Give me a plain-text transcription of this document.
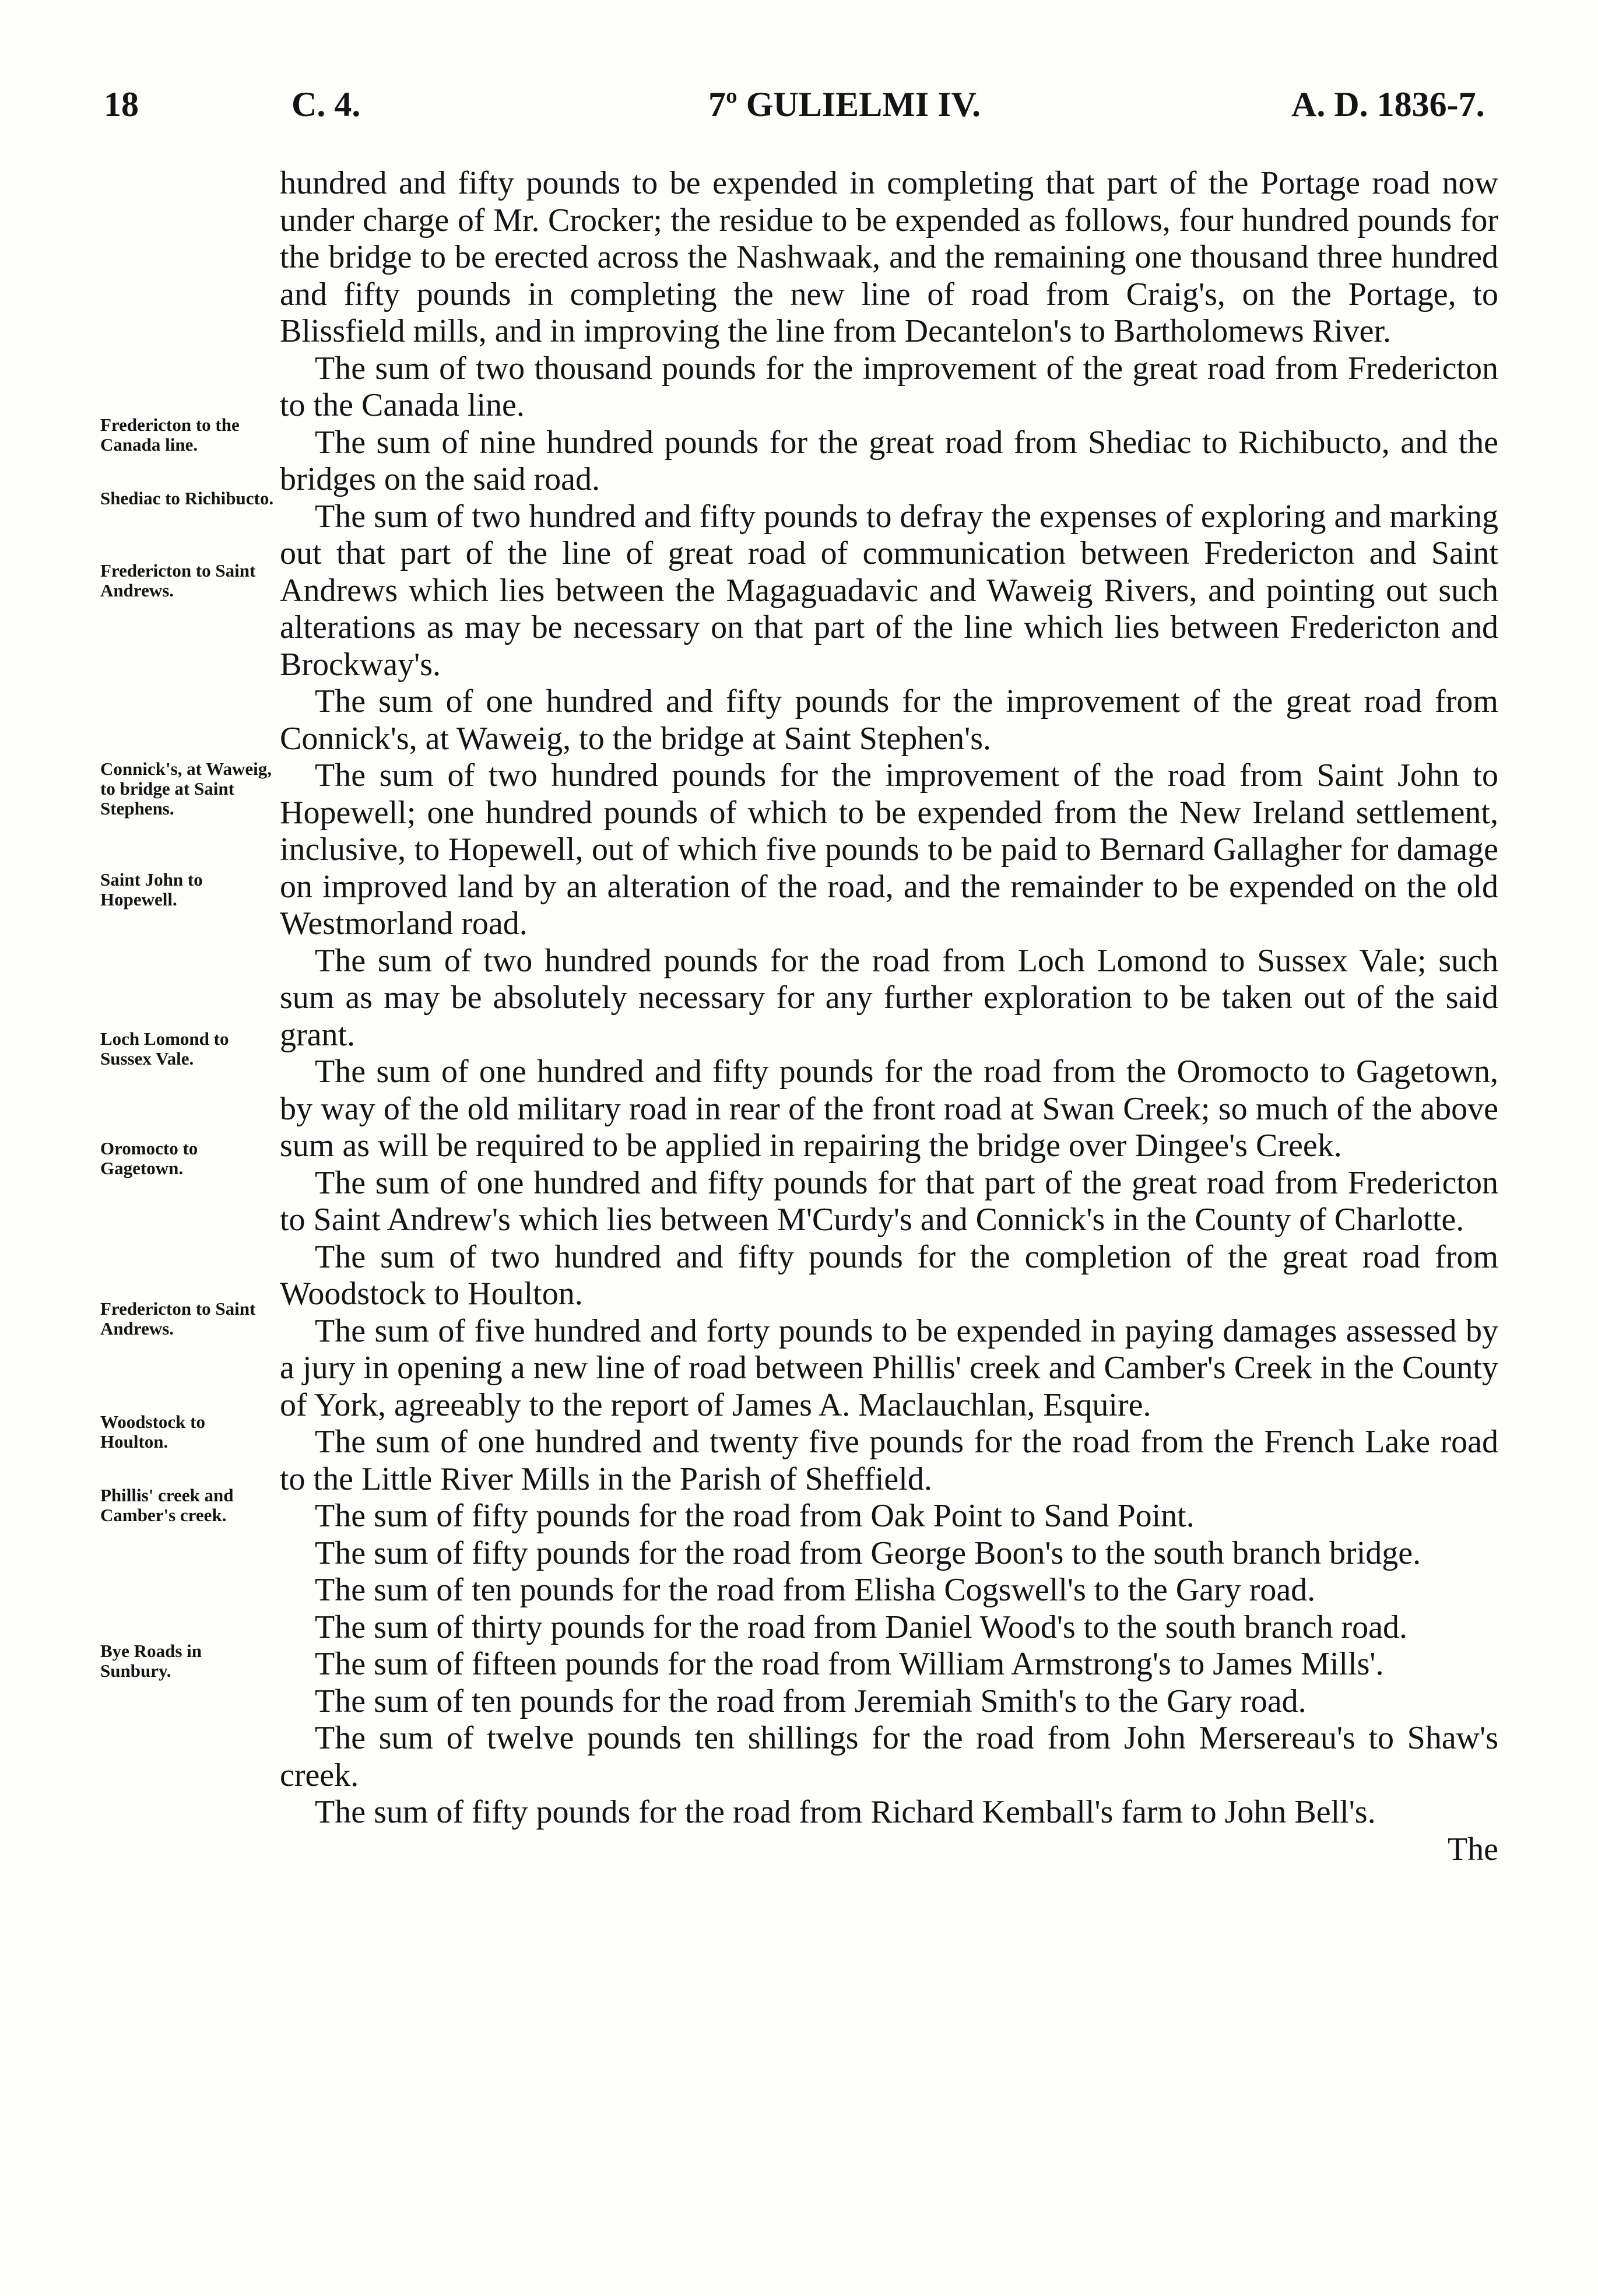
18	C. 4.	7º GULIELMI IV.	A. D. 1836-7.
Fredericton to the Canada line.
Shediac to Richibucto.
Fredericton to Saint Andrews.
Connick's, at Waweig, to bridge at Saint Stephens.
Saint John to Hopewell.
Loch Lomond to Sussex Vale.
Oromocto to Gagetown.
Fredericton to Saint Andrews.
Woodstock to Houlton.
Phillis' creek and Camber's creek.
Bye Roads in Sunbury.

hundred and fifty pounds to be expended in completing that part of the Portage road now under charge of Mr. Crocker; the residue to be expended as follows, four hundred pounds for the bridge to be erected across the Nashwaak, and the remaining one thousand three hundred and fifty pounds in completing the new line of road from Craig's, on the Portage, to Blissfield mills, and in improving the line from Decantelon's to Bartholomews River.

The sum of two thousand pounds for the improvement of the great road from Fredericton to the Canada line.

The sum of nine hundred pounds for the great road from Shediac to Richibucto, and the bridges on the said road.

The sum of two hundred and fifty pounds to defray the expenses of exploring and marking out that part of the line of great road of communication between Fredericton and Saint Andrews which lies between the Magaguadavic and Waweig Rivers, and pointing out such alterations as may be necessary on that part of the line which lies between Fredericton and Brockway's.

The sum of one hundred and fifty pounds for the improvement of the great road from Connick's, at Waweig, to the bridge at Saint Stephen's.

The sum of two hundred pounds for the improvement of the road from Saint John to Hopewell; one hundred pounds of which to be expended from the New Ireland settlement, inclusive, to Hopewell, out of which five pounds to be paid to Bernard Gallagher for damage on improved land by an alteration of the road, and the remainder to be expended on the old Westmorland road.

The sum of two hundred pounds for the road from Loch Lomond to Sussex Vale; such sum as may be absolutely necessary for any further exploration to be taken out of the said grant.

The sum of one hundred and fifty pounds for the road from the Oromocto to Gagetown, by way of the old military road in rear of the front road at Swan Creek; so much of the above sum as will be required to be applied in repairing the bridge over Dingee's Creek.

The sum of one hundred and fifty pounds for that part of the great road from Fredericton to Saint Andrew's which lies between M'Curdy's and Connick's in the County of Charlotte.

The sum of two hundred and fifty pounds for the completion of the great road from Woodstock to Houlton.

The sum of five hundred and forty pounds to be expended in paying damages assessed by a jury in opening a new line of road between Phillis' creek and Camber's Creek in the County of York, agreeably to the report of James A. Maclauchlan, Esquire.

The sum of one hundred and twenty five pounds for the road from the French Lake road to the Little River Mills in the Parish of Sheffield.

The sum of fifty pounds for the road from Oak Point to Sand Point.

The sum of fifty pounds for the road from George Boon's to the south branch bridge.

The sum of ten pounds for the road from Elisha Cogswell's to the Gary road.

The sum of thirty pounds for the road from Daniel Wood's to the south branch road.

The sum of fifteen pounds for the road from William Armstrong's to James Mills'.

The sum of ten pounds for the road from Jeremiah Smith's to the Gary road.

The sum of twelve pounds ten shillings for the road from John Mersereau's to Shaw's creek.

The sum of fifty pounds for the road from Richard Kemball's farm to John Bell's.

The
